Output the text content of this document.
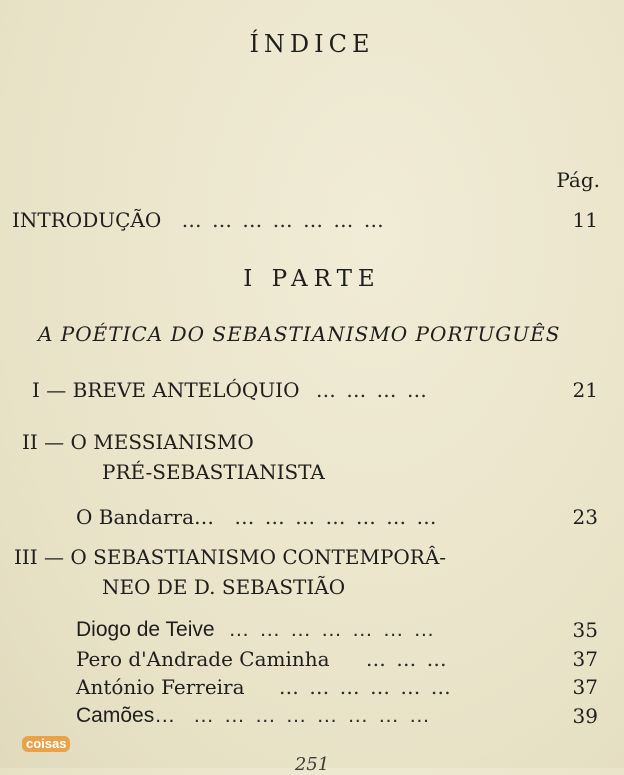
ÍNDICE
Pág.
INTRODUÇÃO … … … … … … …	11
I PARTE
A POÉTICA DO SEBASTIANISMO PORTUGUÊS
I — BREVE ANTELÓQUIO … … … …	21
II — O MESSIANISMO
PRÉ-SEBASTIANISTA
O Bandarra… … … … … … … …	23
III — O SEBASTIANISMO CONTEMPORÂ-
NEO DE D. SEBASTIÃO
Diogo de Teive … … … … … … …	35
Pero d'Andrade Caminha … … …	37
António Ferreira … … … … … …	37
Camões… … … … … … … … …	39
coisas
251
